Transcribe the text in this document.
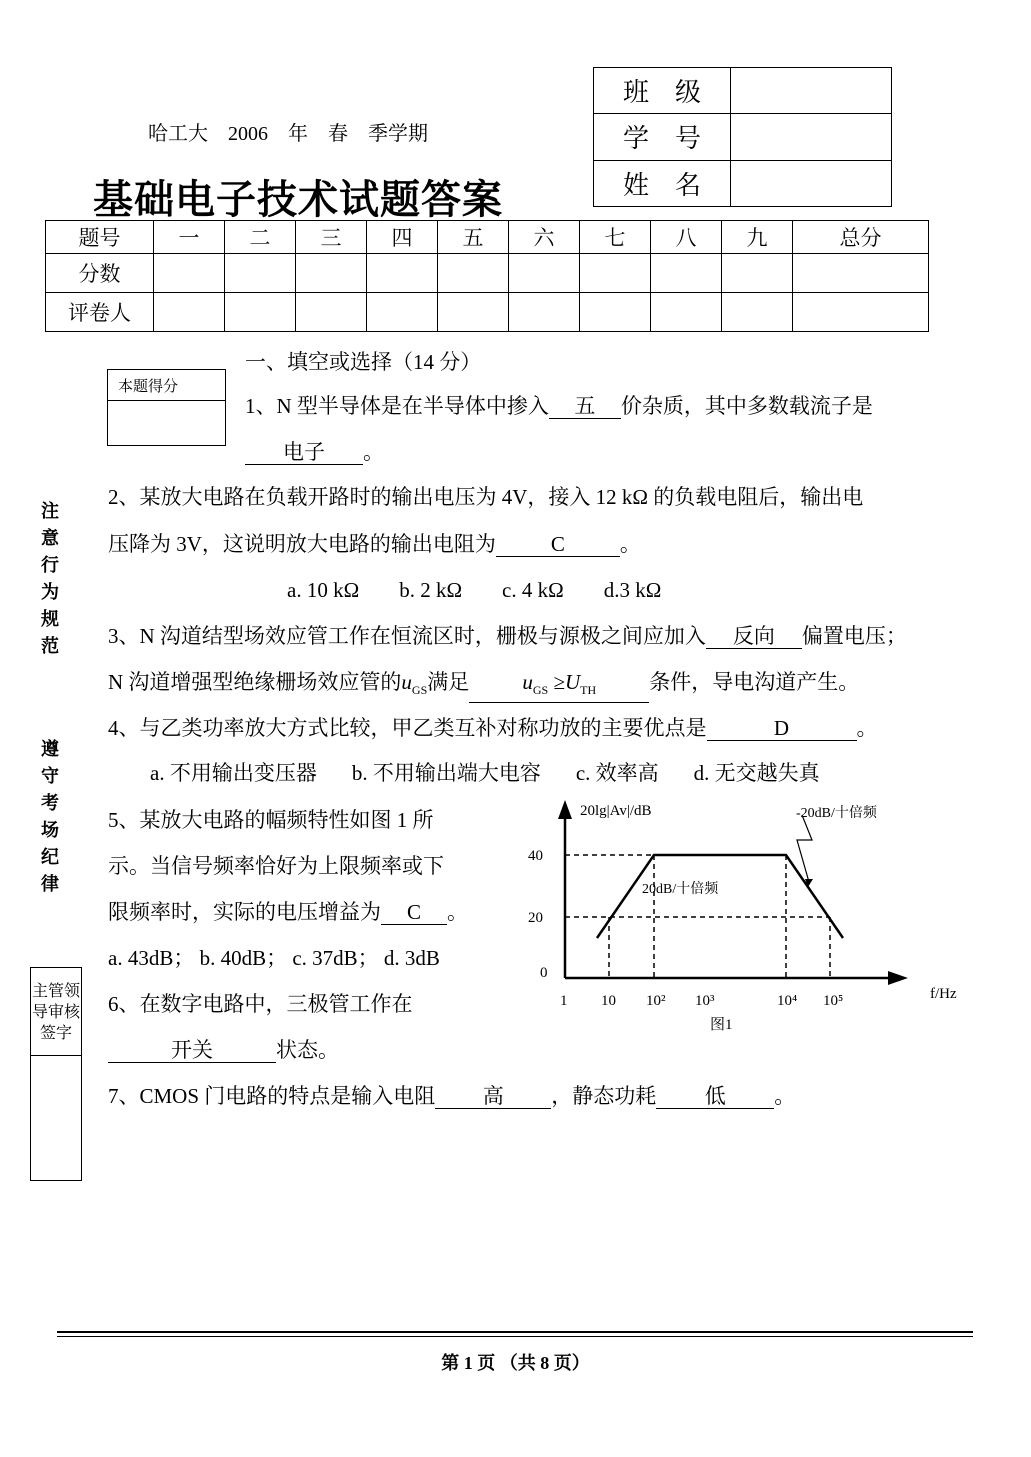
哈工大　2006　年　春　季学期
基础电子技术试题答案
班　级	
学　号	
姓　名	
题号	一	二	三	四	五	六	七	八	九	总分
分数										
评卷人										
本题得分

注
意
行
为
规
范
遵
守
考
场
纪
律
主管领导审核签字

一、填空或选择（14 分）
1、N 型半导体是在半导体中掺入 五 价杂质，其中多数载流子是
电子 。
2、某放大电路在负载开路时的输出电压为 4V，接入 12 kΩ 的负载电阻后，输出电
压降为 3V，这说明放大电路的输出电阻为	C	。
a. 10 kΩ b. 2 kΩ c. 4 kΩ d.3 kΩ
3、N 沟道结型场效应管工作在恒流区时，栅极与源极之间应加入 反向 偏置电压；
N 沟道增强型绝缘栅场效应管的$u_{GS}$满足	$u_{GS} \ge U_{TH}$	条件，导电沟道产生。
4、与乙类功率放大方式比较，甲乙类互补对称功放的主要优点是	D	。
a. 不用输出变压器 b. 不用输出端大电容 c. 效率高 d. 无交越失真
5、某放大电路的幅频特性如图 1 所
示。当信号频率恰好为上限频率或下
限频率时，实际的电压增益为 C 。
a. 43dB； b. 40dB； c. 37dB； d. 3dB
20lg|Av|/dB	-20dB/十倍频
20dB/十倍频
40
20
0
1 10 10² 10³	10⁴ 10⁵	f/Hz
图1
6、在数字电路中，三极管工作在
开关	状态。
7、CMOS 门电路的特点是输入电阻 高 ，静态功耗 低 。
第 1 页 （共 8 页）
